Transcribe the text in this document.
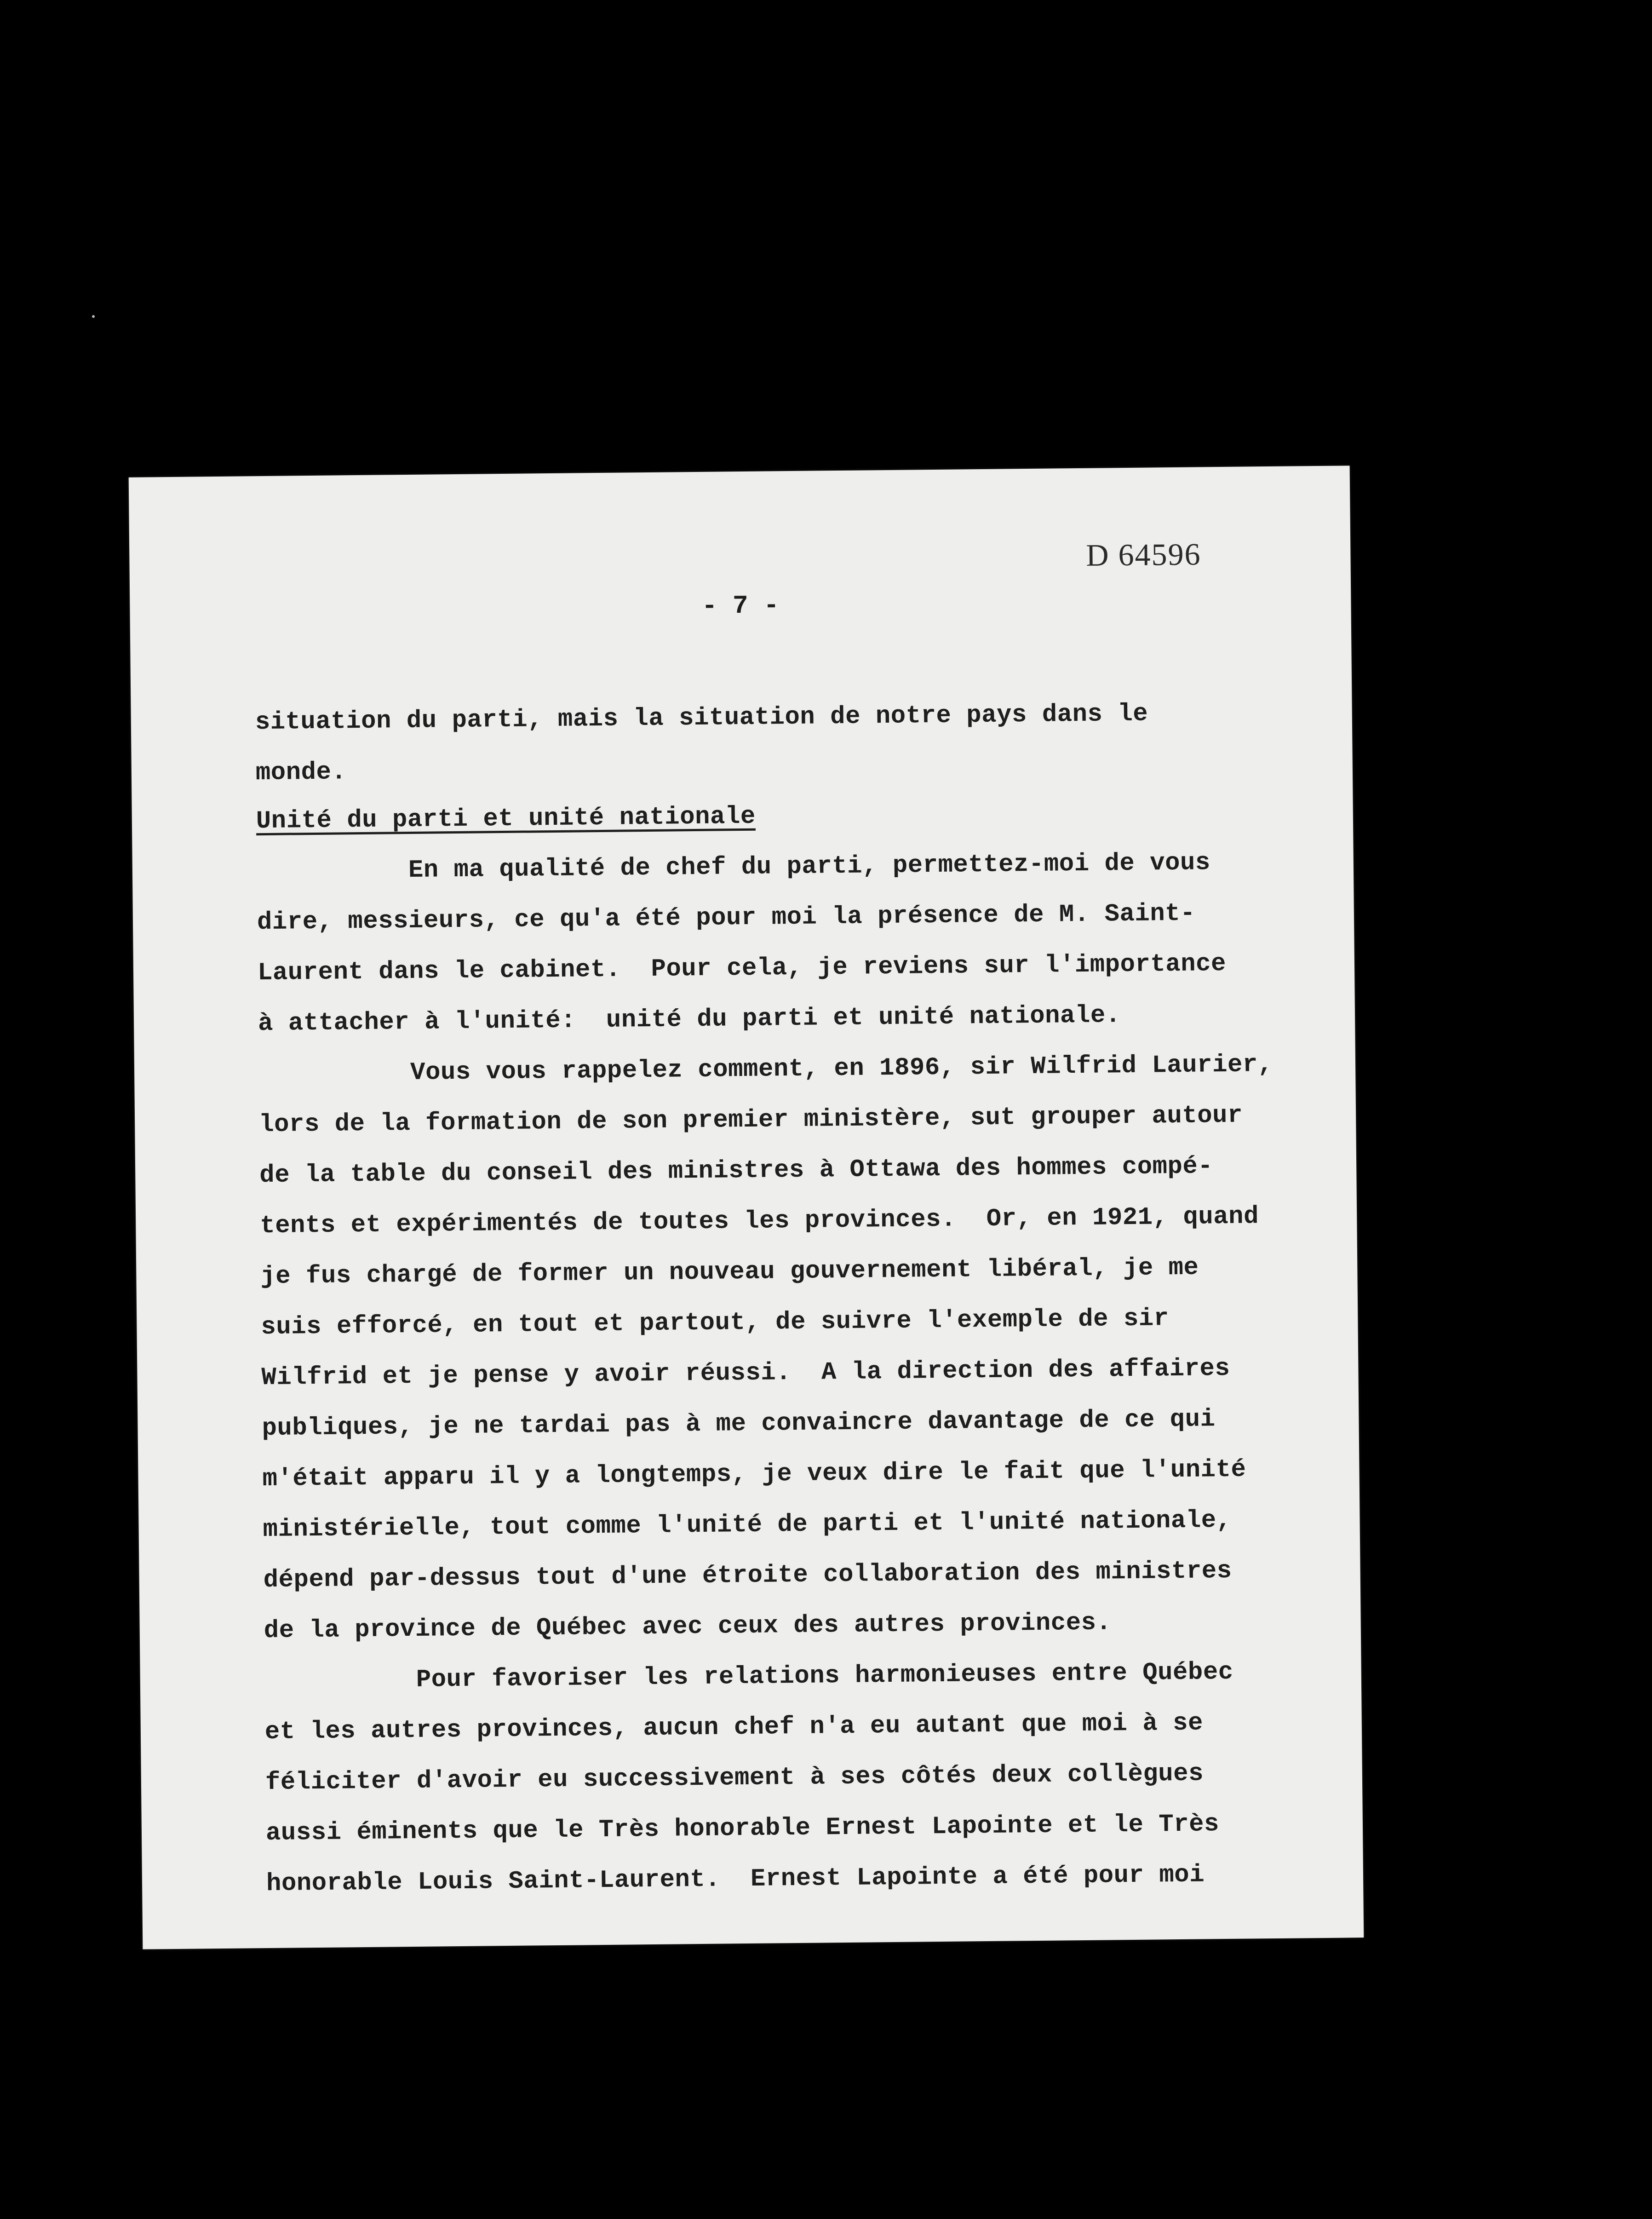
D 64596
- 7 -
situation du parti, mais la situation de notre pays dans le
monde.
Unité du parti et unité nationale
En ma qualité de chef du parti, permettez-moi de vous
dire, messieurs, ce qu'a été pour moi la présence de M. Saint-
Laurent dans le cabinet.  Pour cela, je reviens sur l'importance
à attacher à l'unité:  unité du parti et unité nationale.
Vous vous rappelez comment, en 1896, sir Wilfrid Laurier,
lors de la formation de son premier ministère, sut grouper autour
de la table du conseil des ministres à Ottawa des hommes compé-
tents et expérimentés de toutes les provinces.  Or, en 1921, quand
je fus chargé de former un nouveau gouvernement libéral, je me
suis efforcé, en tout et partout, de suivre l'exemple de sir
Wilfrid et je pense y avoir réussi.  A la direction des affaires
publiques, je ne tardai pas à me convaincre davantage de ce qui
m'était apparu il y a longtemps, je veux dire le fait que l'unité
ministérielle, tout comme l'unité de parti et l'unité nationale,
dépend par-dessus tout d'une étroite collaboration des ministres
de la province de Québec avec ceux des autres provinces.
Pour favoriser les relations harmonieuses entre Québec
et les autres provinces, aucun chef n'a eu autant que moi à se
féliciter d'avoir eu successivement à ses côtés deux collègues
aussi éminents que le Très honorable Ernest Lapointe et le Très
honorable Louis Saint-Laurent.  Ernest Lapointe a été pour moi
